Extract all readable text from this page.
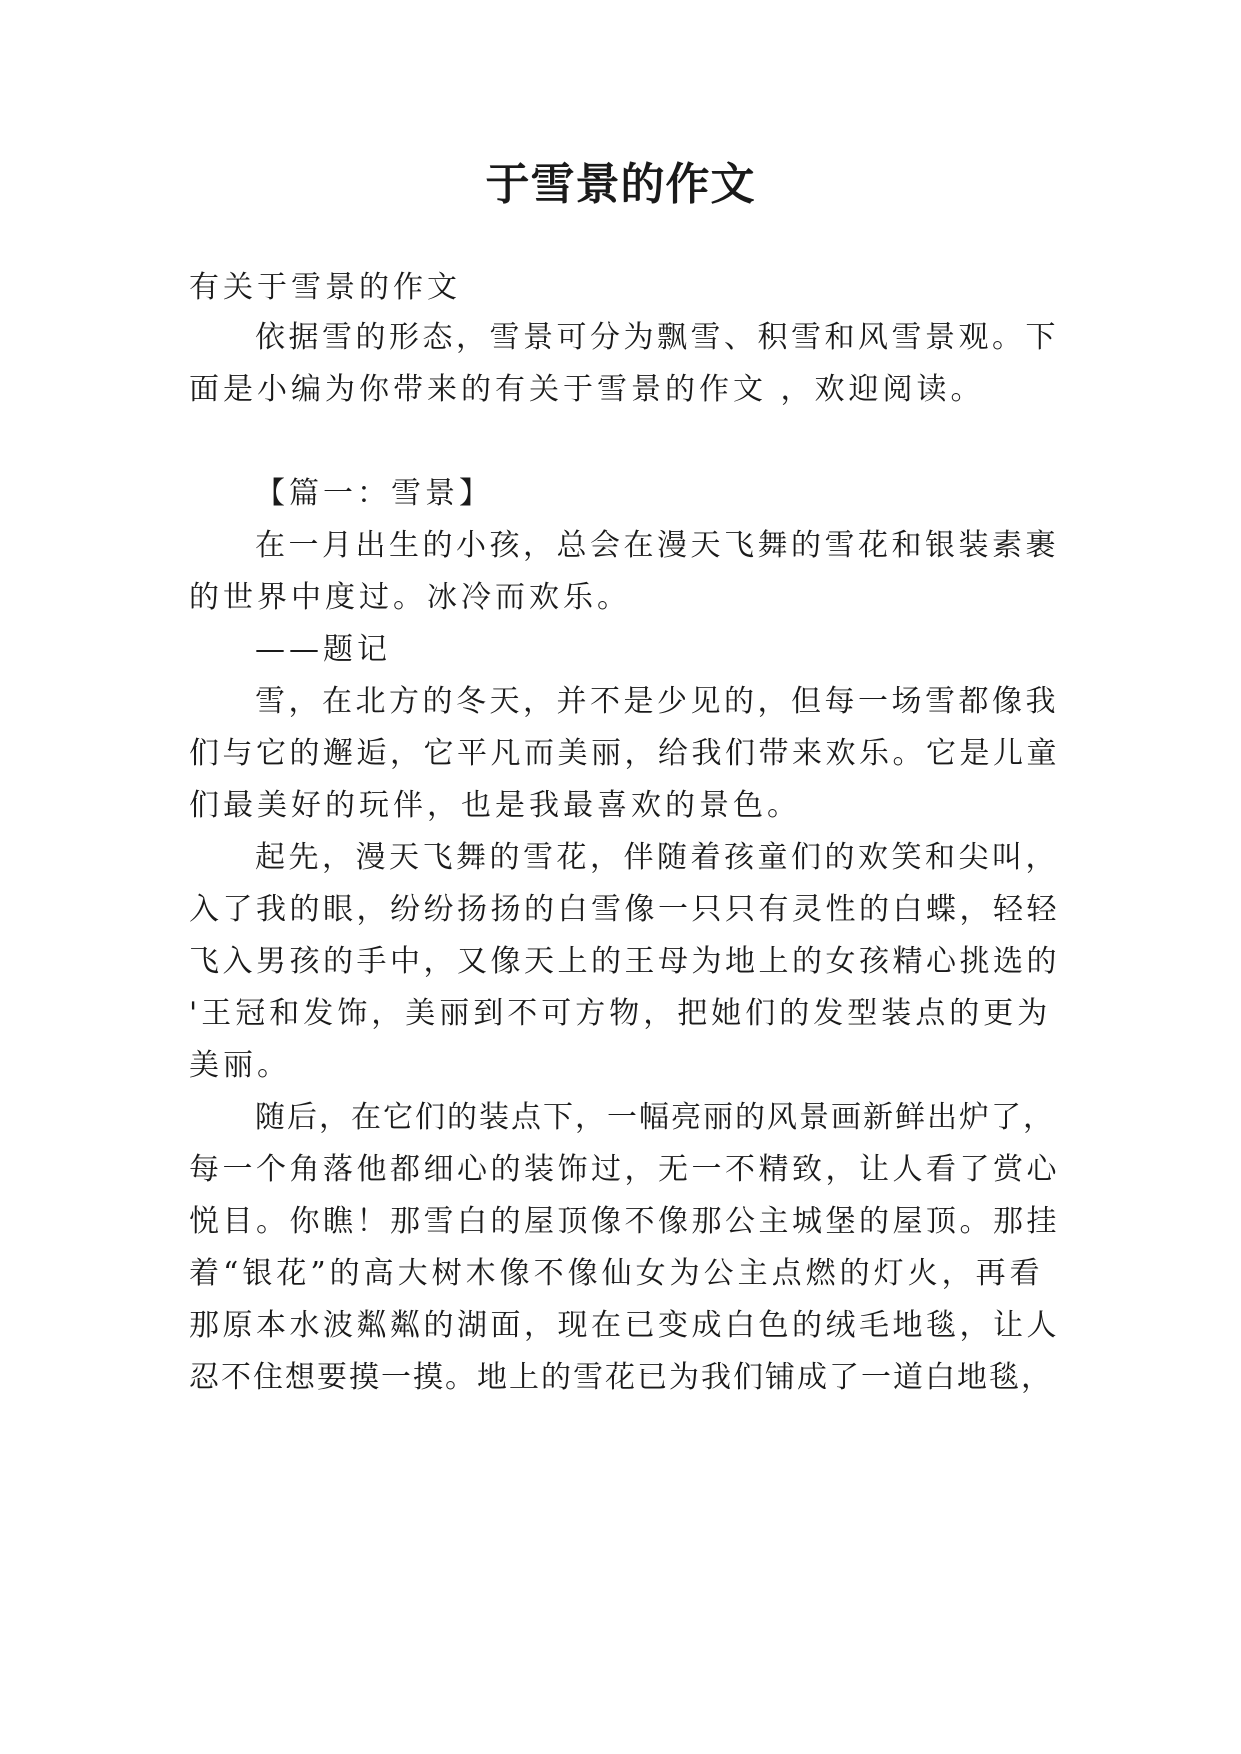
于雪景的作文

有关于雪景的作文

依据雪的形态，雪景可分为飘雪、积雪和风雪景观。下

面是小编为你带来的有关于雪景的作文 ，欢迎阅读。

【篇一：雪景】

在一月出生的小孩，总会在漫天飞舞的雪花和银装素裹

的世界中度过。冰冷而欢乐。

——题记

雪，在北方的冬天，并不是少见的，但每一场雪都像我

们与它的邂逅，它平凡而美丽，给我们带来欢乐。它是儿童

们最美好的玩伴，也是我最喜欢的景色。

起先，漫天飞舞的雪花，伴随着孩童们的欢笑和尖叫，

入了我的眼，纷纷扬扬的白雪像一只只有灵性的白蝶，轻轻

飞入男孩的手中，又像天上的王母为地上的女孩精心挑选的

'王冠和发饰，美丽到不可方物，把她们的发型装点的更为

美丽。

随后，在它们的装点下，一幅亮丽的风景画新鲜出炉了，

每一个角落他都细心的装饰过，无一不精致，让人看了赏心

悦目。你瞧！那雪白的屋顶像不像那公主城堡的屋顶。那挂

着“银花”的高大树木像不像仙女为公主点燃的灯火，再看

那原本水波粼粼的湖面，现在已变成白色的绒毛地毯，让人

忍不住想要摸一摸。地上的雪花已为我们铺成了一道白地毯，
